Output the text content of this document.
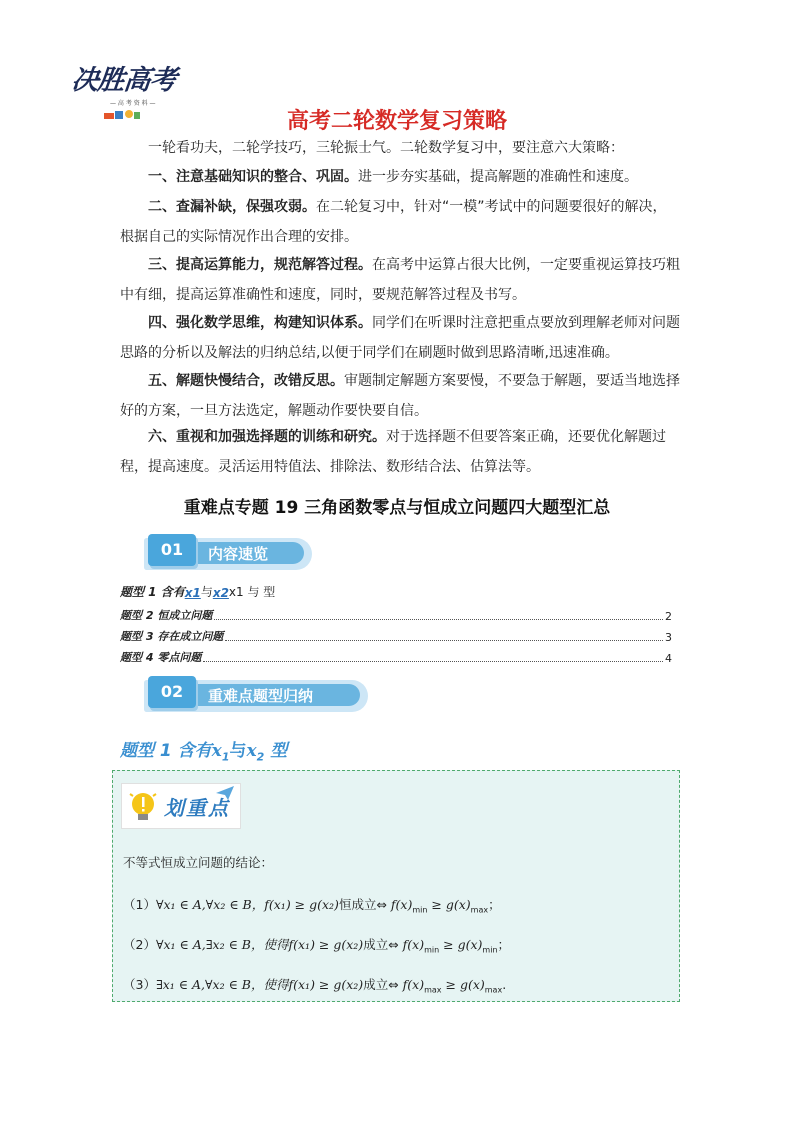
决胜高考
— 高 考 资 料 —
高考二轮数学复习策略

一轮看功夫，二轮学技巧，三轮振士气。二轮数学复习中，要注意六大策略：

一、注意基础知识的整合、巩固。进一步夯实基础，提高解题的准确性和速度。

二、查漏补缺，保强攻弱。在二轮复习中，针对“一模”考试中的问题要很好的解决，根据自己的实际情况作出合理的安排。

三、提高运算能力，规范解答过程。在高考中运算占很大比例，一定要重视运算技巧粗中有细，提高运算准确性和速度，同时，要规范解答过程及书写。

四、强化数学思维，构建知识体系。同学们在听课时注意把重点要放到理解老师对问题思路的分析以及解法的归纳总结,以便于同学们在刷题时做到思路清晰,迅速准确。

五、解题快慢结合，改错反思。审题制定解题方案要慢，不要急于解题，要适当地选择好的方案，一旦方法选定，解题动作要快要自信。

六、重视和加强选择题的训练和研究。对于选择题不但要答案正确，还要优化解题过程，提高速度。灵活运用特值法、排除法、数形结合法、估算法等。

重难点专题 19 三角函数零点与恒成立问题四大题型汇总
01	内容速览
题型 1 含有 x1 与 x2 x1 与 型
题型 2 恒成立问题	2
题型 3 存在成立问题	3
题型 4 零点问题	4
02	重难点题型归纳
题型 1 含有$x_1$与$x_2$ 型
划重点
不等式恒成立问题的结论：
（1）∀x₁ ∈ A,∀x₂ ∈ B，f(x₁) ≥ g(x₂)恒成立⇔ $f(x)_{min} \ge g(x)_{max}$；
（2）∀x₁ ∈ A,∃x₂ ∈ B，使得f(x₁) ≥ g(x₂)成立⇔ $f(x)_{min} \ge g(x)_{min}$；
（3）∃x₁ ∈ A,∀x₂ ∈ B，使得f(x₁) ≥ g(x₂)成立⇔ $f(x)_{max} \ge g(x)_{max}$.
